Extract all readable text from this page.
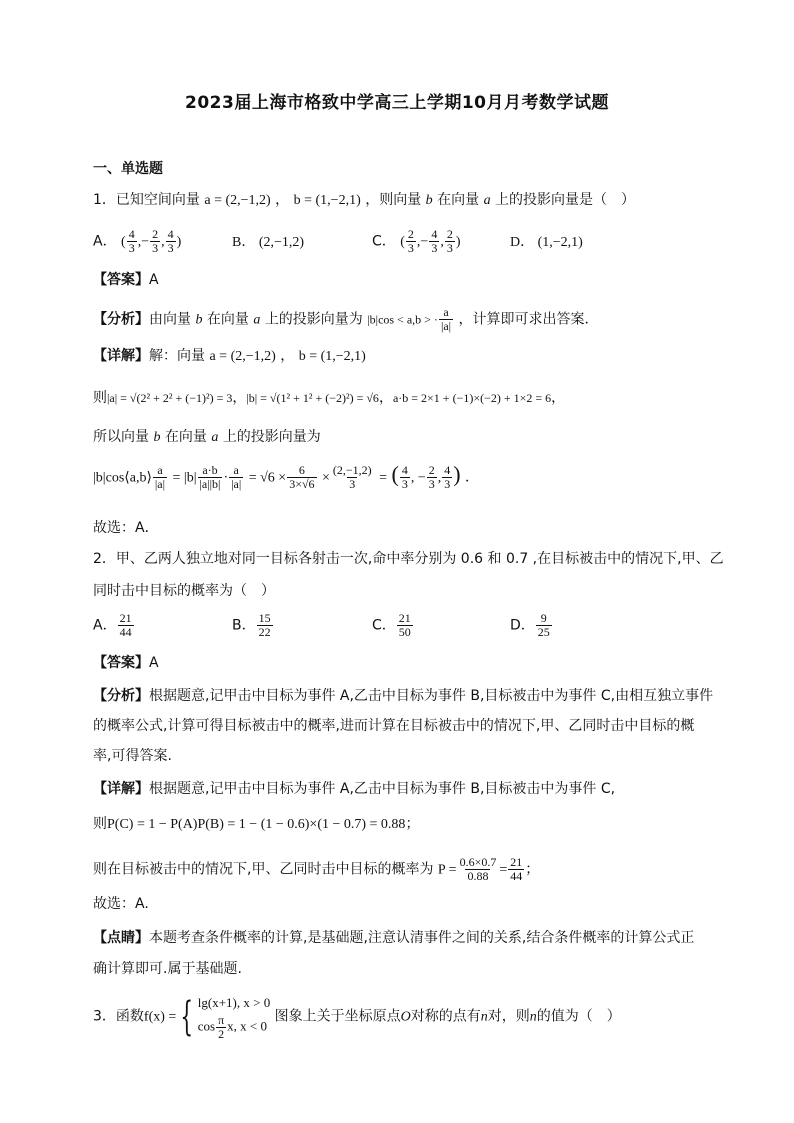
2023届上海市格致中学高三上学期10月月考数学试题
一、单选题
1．已知空间向量 a = (2,−1,2) ， b = (1,−2,1) ，则向量 b 在向量 a 上的投影向量是（　）
A． ( $\frac{4}{3}$ ,− $\frac{2}{3}$ , $\frac{4}{3}$ )	B． (2,−1,2)	C． ( $\frac{2}{3}$ ,− $\frac{4}{3}$ , $\frac{2}{3}$ )	D． (1,−2,1)
【答案】A
【分析】由向量 b 在向量 a 上的投影向量为 |b|cos < a,b > · $\frac{a}{|a|}$ ，计算即可求出答案．
【详解】解：向量 a = (2,−1,2) ， b = (1,−2,1)
则|a| = √(2² + 2² + (−1)²) = 3，|b| = √(1² + 1² + (−2)²) = √6，a·b = 2×1 + (−1)×(−2) + 1×2 = 6，
所以向量 b 在向量 a 上的投影向量为
|b|cos⟨a,b⟩ $\frac{a}{|a|} = |b| \frac{a\cdot b}{|a||b|} \cdot \frac{a}{|a|} = √6 \times \frac{6}{3\times√6} \times \frac{(2,-1,2)}{3}$ = ( $\frac{4}{3}$ , − $\frac{2}{3}$ , $\frac{4}{3}$ ) ．
故选：A．
2．甲、乙两人独立地对同一目标各射击一次,命中率分别为 0.6 和 0.7 ,在目标被击中的情况下,甲、乙
同时击中目标的概率为（　）
A． $\frac{21}{44}$	B． $\frac{15}{22}$	C． $\frac{21}{50}$	D． $\frac{9}{25}$
【答案】A
【分析】根据题意,记甲击中目标为事件 A,乙击中目标为事件 B,目标被击中为事件 C,由相互独立事件
的概率公式,计算可得目标被击中的概率,进而计算在目标被击中的情况下,甲、乙同时击中目标的概
率,可得答案.
【详解】根据题意,记甲击中目标为事件 A,乙击中目标为事件 B,目标被击中为事件 C,
则P(C) = 1 − P(A)P(B) = 1 − (1 − 0.6)×(1 − 0.7) = 0.88；
则在目标被击中的情况下,甲、乙同时击中目标的概率为 $P = \frac{0.6\times 0.7}{0.88} = \frac{21}{44}$ ；
故选：A.
【点睛】本题考查条件概率的计算,是基础题,注意认清事件之间的关系,结合条件概率的计算公式正
确计算即可.属于基础题.
3．函数f(x) = { lg(x+1), x > 0
$\cos \frac{\pi}{2} x$, x < 0
图象上关于坐标原点O对称的点有n对，则n的值为（　）
